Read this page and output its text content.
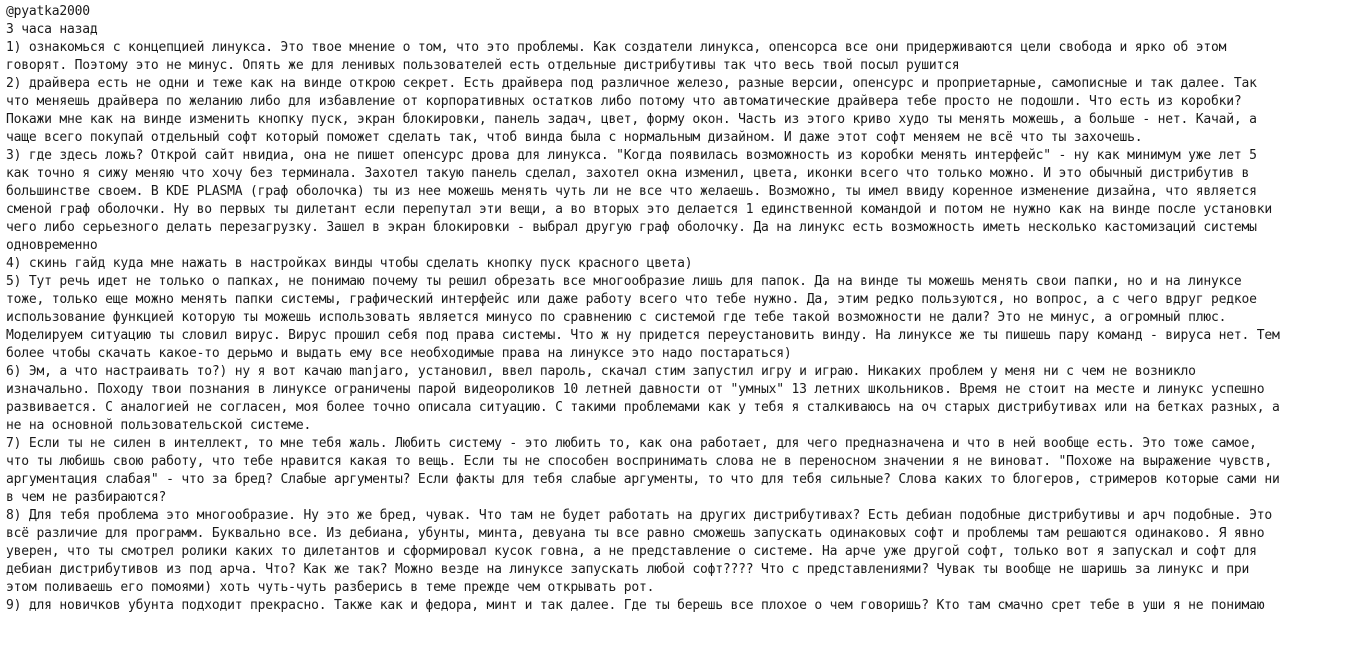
@pyatka2000
3 часа назад
1) ознакомься с концепцией линукса. Это твое мнение о том, что это проблемы. Как создатели линукса, опенсорса все они придерживаются цели свобода и ярко об этом
говорят. Поэтому это не минус. Опять же для ленивых пользователей есть отдельные дистрибутивы так что весь твой посыл рушится
2) драйвера есть не одни и теже как на винде открою секрет. Есть драйвера под различное железо, разные версии, опенсурс и проприетарные, самописные и так далее. Так
что меняешь драйвера по желанию либо для избавление от корпоративных остатков либо потому что автоматические драйвера тебе просто не подошли. Что есть из коробки?
Покажи мне как на винде изменить кнопку пуск, экран блокировки, панель задач, цвет, форму окон. Часть из этого криво худо ты менять можешь, а больше - нет. Качай, а
чаще всего покупай отдельный софт который поможет сделать так, чтоб винда была с нормальным дизайном. И даже этот софт меняем не всё что ты захочешь.
3) где здесь ложь? Открой сайт нвидиа, она не пишет опенсурс дрова для линукса. "Когда появилась возможность из коробки менять интерфейс" - ну как минимум уже лет 5
как точно я сижу меняю что хочу без терминала. Захотел такую панель сделал, захотел окна изменил, цвета, иконки всего что только можно. И это обычный дистрибутив в
большинстве своем. В KDE PLASMA (граф оболочка) ты из нее можешь менять чуть ли не все что желаешь. Возможно, ты имел ввиду коренное изменение дизайна, что является
сменой граф оболочки. Ну во первых ты дилетант если перепутал эти вещи, а во вторых это делается 1 единственной командой и потом не нужно как на винде после установки
чего либо серьезного делать перезагрузку. Зашел в экран блокировки - выбрал другую граф оболочку. Да на линукс есть возможность иметь несколько кастомизаций системы
одновременно
4) скинь гайд куда мне нажать в настройках винды чтобы сделать кнопку пуск красного цвета)
5) Тут речь идет не только о папках, не понимаю почему ты решил обрезать все многообразие лишь для папок. Да на винде ты можешь менять свои папки, но и на линуксе
тоже, только еще можно менять папки системы, графический интерфейс или даже работу всего что тебе нужно. Да, этим редко пользуются, но вопрос, а с чего вдруг редкое
использование функцией которую ты можешь использовать является минусо по сравнению с системой где тебе такой возможности не дали? Это не минус, а огромный плюс.
Моделируем ситуацию ты словил вирус. Вирус прошил себя под права системы. Что ж ну придется переустановить винду. На линуксе же ты пишешь пару команд - вируса нет. Тем
более чтобы скачать какое-то дерьмо и выдать ему все необходимые права на линуксе это надо постараться)
6) Эм, а что настраивать то?) ну я вот качаю manjaro, установил, ввел пароль, скачал стим запустил игру и играю. Никаких проблем у меня ни с чем не возникло
изначально. Походу твои познания в линуксе ограничены парой видеороликов 10 летней давности от "умных" 13 летних школьников. Время не стоит на месте и линукс успешно
развивается. С аналогией не согласен, моя более точно описала ситуацию. С такими проблемами как у тебя я сталкиваюсь на оч старых дистрибутивах или на бетках разных, а
не на основной пользовательской системе.
7) Если ты не силен в интеллект, то мне тебя жаль. Любить систему - это любить то, как она работает, для чего предназначена и что в ней вообще есть. Это тоже самое,
что ты любишь свою работу, что тебе нравится какая то вещь. Если ты не способен воспринимать слова не в переносном значении я не виноват. "Похоже на выражение чувств,
аргументация слабая" - что за бред? Слабые аргументы? Если факты для тебя слабые аргументы, то что для тебя сильные? Слова каких то блогеров, стримеров которые сами ни
в чем не разбираются?
8) Для тебя проблема это многообразие. Ну это же бред, чувак. Что там не будет работать на других дистрибутивах? Есть дебиан подобные дистрибутивы и арч подобные. Это
всё различие для программ. Буквально все. Из дебиана, убунты, минта, девуана ты все равно сможешь запускать одинаковых софт и проблемы там решаются одинаково. Я явно
уверен, что ты смотрел ролики каких то дилетантов и сформировал кусок говна, а не представление о системе. На арче уже другой софт, только вот я запускал и софт для
дебиан дистрибутивов из под арча. Что? Как же так? Можно везде на линуксе запускать любой софт???? Что с представлениями? Чувак ты вообще не шаришь за линукс и при
этом поливаешь его помоями) хоть чуть-чуть разберись в теме прежде чем открывать рот.
9) для новичков убунта подходит прекрасно. Также как и федора, минт и так далее. Где ты берешь все плохое о чем говоришь? Кто там смачно срет тебе в уши я не понимаю
